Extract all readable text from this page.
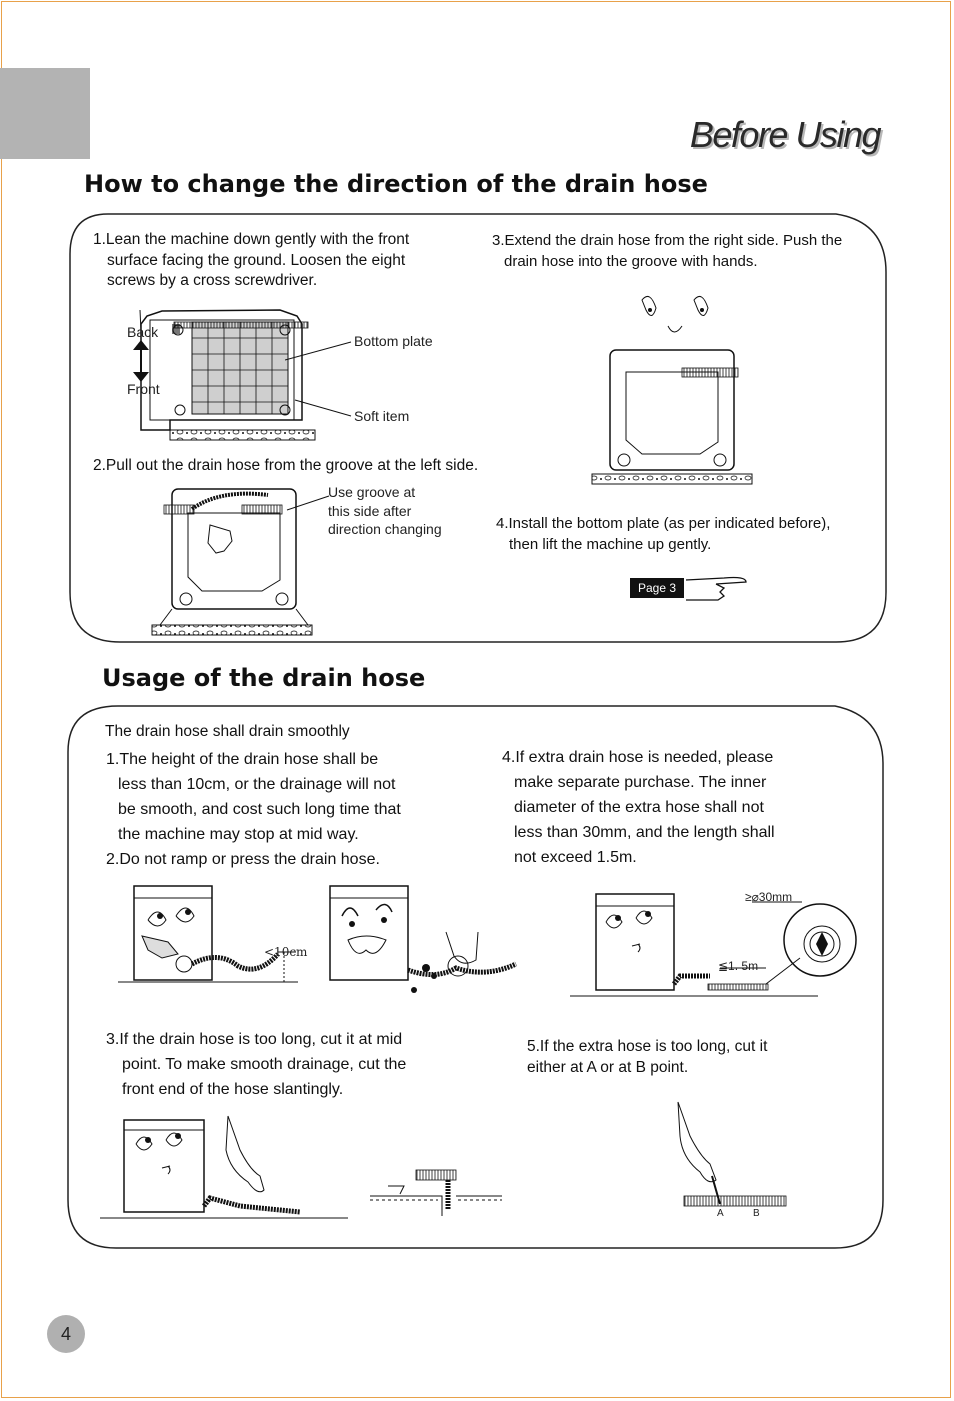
Before Using
How to change the direction of the drain hose

1.Lean the machine down gently with the front

surface facing the ground. Loosen the eight
screws by a cross screwdriver.

Back
Front
Bottom plate
Soft item

2.Pull out the drain hose from the groove at the left side.

Use groove at
this side after
direction changing

3.Extend the drain hose from the right side. Push the

drain hose into the groove with hands.

4.Install the bottom plate (as per indicated before),

then lift the machine up gently.

Page 3
Usage of the drain hose

The drain hose shall drain smoothly

1.The height of the drain hose shall be

less than 10cm, or the drainage will not
be smooth, and cost such long time that
the machine may stop at mid way.
2.Do not ramp or press the drain hose.

4.If extra drain hose is needed, please

make separate purchase. The inner
diameter of the extra hose shall not
less than 30mm, and the length shall
not exceed 1.5m.

<10cm
≥⌀30mm
≦1. 5m

3.If the drain hose is too long, cut it at mid

point. To make smooth drainage, cut the
front end of the hose slantingly.

5.If the extra hose is too long, cut it
either at A or at B point.

A	B
4
